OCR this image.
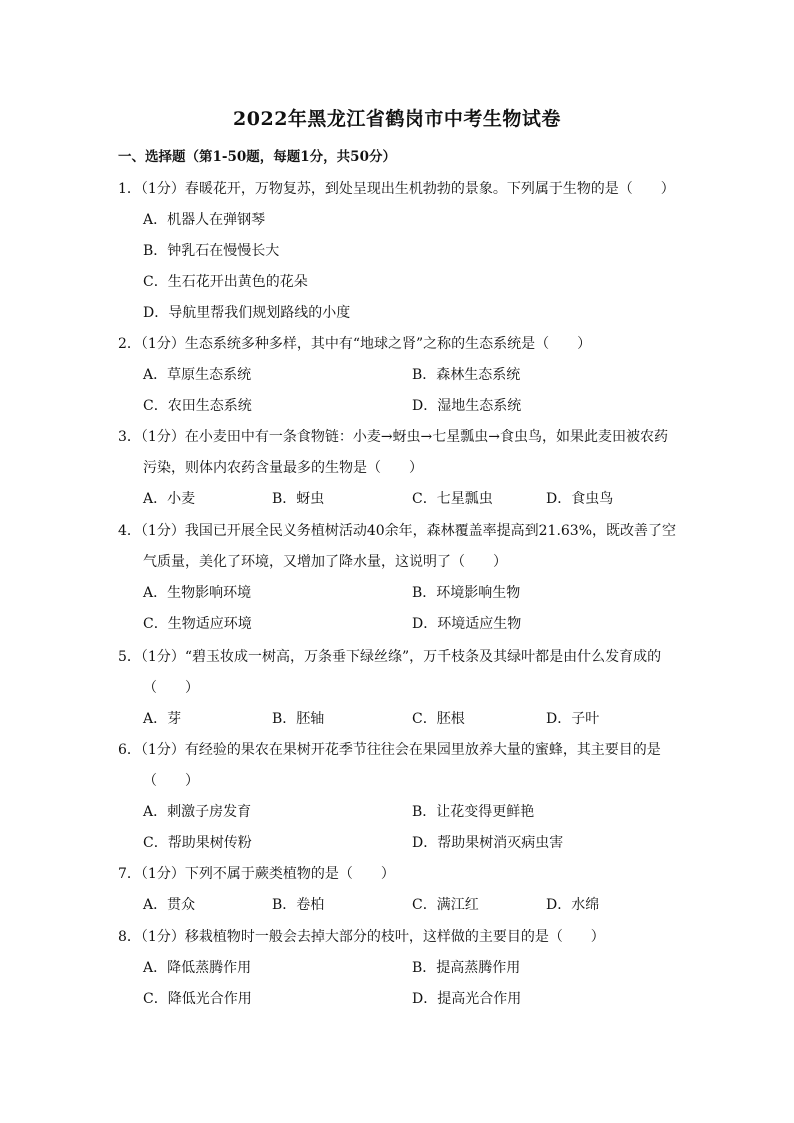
2022年黑龙江省鹤岗市中考生物试卷
一、选择题（第1-50题，每题1分，共50分）
1．（1分）春暖花开，万物复苏，到处呈现出生机勃勃的景象。下列属于生物的是（　　）
A．机器人在弹钢琴
B．钟乳石在慢慢长大
C．生石花开出黄色的花朵
D．导航里帮我们规划路线的小度
2．（1分）生态系统多种多样，其中有“地球之肾”之称的生态系统是（　　）
A．草原生态系统	B．森林生态系统
C．农田生态系统	D．湿地生态系统
3．（1分）在小麦田中有一条食物链：小麦→蚜虫→七星瓢虫→食虫鸟，如果此麦田被农药
污染，则体内农药含量最多的生物是（　　）
A．小麦	B．蚜虫	C．七星瓢虫	D．食虫鸟
4．（1分）我国已开展全民义务植树活动40余年，森林覆盖率提高到21.63%，既改善了空
气质量，美化了环境，又增加了降水量，这说明了（　　）
A．生物影响环境	B．环境影响生物
C．生物适应环境	D．环境适应生物
5．（1分）“碧玉妆成一树高，万条垂下绿丝绦”，万千枝条及其绿叶都是由什么发育成的
（　　）
A．芽	B．胚轴	C．胚根	D．子叶
6．（1分）有经验的果农在果树开花季节往往会在果园里放养大量的蜜蜂，其主要目的是
（　　）
A．刺激子房发育	B．让花变得更鲜艳
C．帮助果树传粉	D．帮助果树消灭病虫害
7．（1分）下列不属于蕨类植物的是（　　）
A．贯众	B．卷柏	C．满江红	D．水绵
8．（1分）移栽植物时一般会去掉大部分的枝叶，这样做的主要目的是（　　）
A．降低蒸腾作用	B．提高蒸腾作用
C．降低光合作用	D．提高光合作用
